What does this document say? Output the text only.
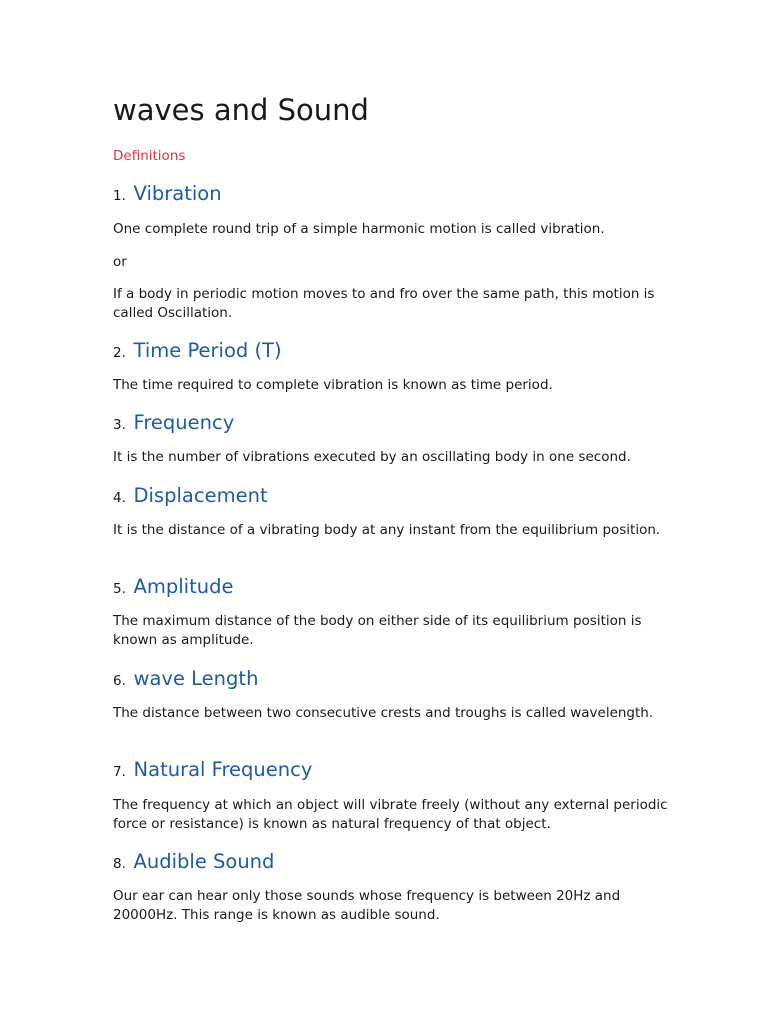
waves and Sound
Definitions
1. Vibration

One complete round trip of a simple harmonic motion is called vibration.

or

If a body in periodic motion moves to and fro over the same path, this motion is called Oscillation.

2. Time Period (T)

The time required to complete vibration is known as time period.

3. Frequency

It is the number of vibrations executed by an oscillating body in one second.

4. Displacement

It is the distance of a vibrating body at any instant from the equilibrium position.

5. Amplitude

The maximum distance of the body on either side of its equilibrium position is known as amplitude.

6. wave Length

The distance between two consecutive crests and troughs is called wavelength.

7. Natural Frequency

The frequency at which an object will vibrate freely (without any external periodic force or resistance) is known as natural frequency of that object.

8. Audible Sound

Our ear can hear only those sounds whose frequency is between 20Hz and 20000Hz. This range is known as audible sound.
